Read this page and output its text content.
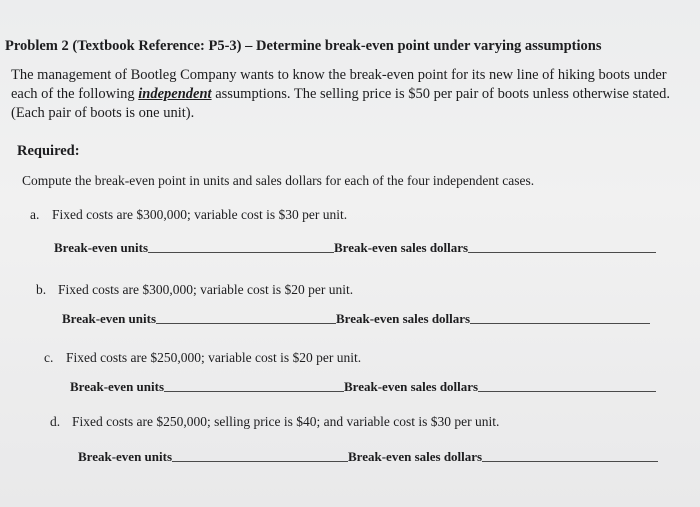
Problem 2 (Textbook Reference: P5-3) – Determine break-even point under varying assumptions
The management of Bootleg Company wants to know the break-even point for its new line of hiking boots under each of the following independent assumptions. The selling price is $50 per pair of boots unless otherwise stated. (Each pair of boots is one unit).
Required:
Compute the break-even point in units and sales dollars for each of the four independent cases.
a. Fixed costs are $300,000; variable cost is $30 per unit.
Break-even units	Break-even sales dollars
b. Fixed costs are $300,000; variable cost is $20 per unit.
Break-even units	Break-even sales dollars
c. Fixed costs are $250,000; variable cost is $20 per unit.
Break-even units	Break-even sales dollars
d. Fixed costs are $250,000; selling price is $40; and variable cost is $30 per unit.
Break-even units	Break-even sales dollars
